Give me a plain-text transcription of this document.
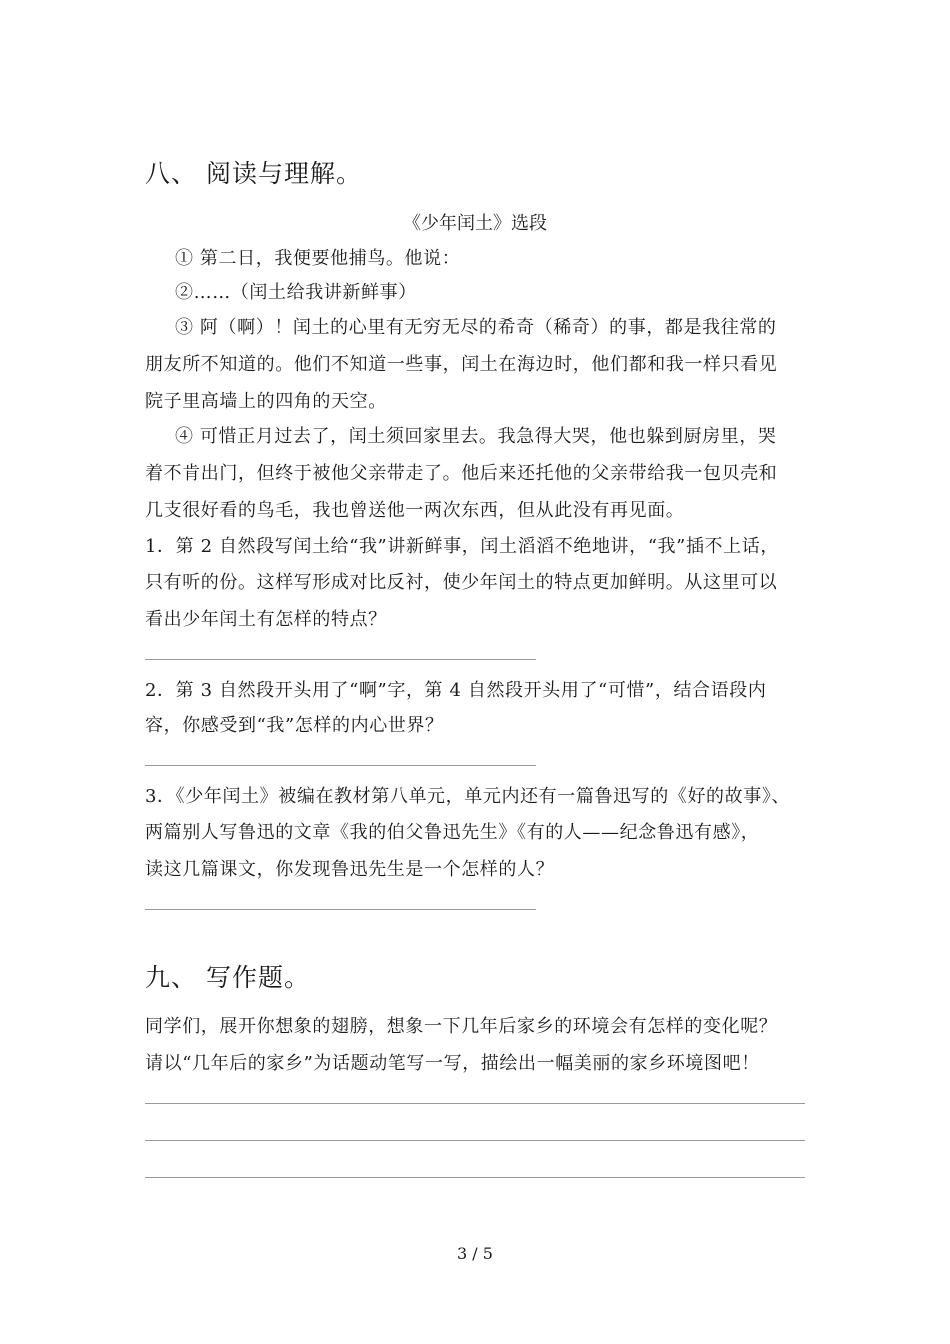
八、 阅读与理解。
《少年闰土》选段
① 第二日，我便要他捕鸟。他说：
②……（闰土给我讲新鲜事）
③ 阿（啊）！闰土的心里有无穷无尽的希奇（稀奇）的事，都是我往常的
朋友所不知道的。他们不知道一些事，闰土在海边时，他们都和我一样只看见
院子里高墙上的四角的天空。
④ 可惜正月过去了，闰土须回家里去。我急得大哭，他也躲到厨房里，哭
着不肯出门，但终于被他父亲带走了。他后来还托他的父亲带给我一包贝壳和
几支很好看的鸟毛，我也曾送他一两次东西，但从此没有再见面。
1．第 2 自然段写闰土给“我”讲新鲜事，闰土滔滔不绝地讲，“我”插不上话，
只有听的份。这样写形成对比反衬，使少年闰土的特点更加鲜明。从这里可以
看出少年闰土有怎样的特点？
2．第 3 自然段开头用了“啊”字，第 4 自然段开头用了“可惜”，结合语段内
容，你感受到“我”怎样的内心世界？
3．《少年闰土》被编在教材第八单元，单元内还有一篇鲁迅写的《好的故事》、
两篇别人写鲁迅的文章《我的伯父鲁迅先生》《有的人——纪念鲁迅有感》，
读这几篇课文，你发现鲁迅先生是一个怎样的人？
九、 写作题。
同学们，展开你想象的翅膀，想象一下几年后家乡的环境会有怎样的变化呢？
请以“几年后的家乡”为话题动笔写一写，描绘出一幅美丽的家乡环境图吧！
3 / 5
